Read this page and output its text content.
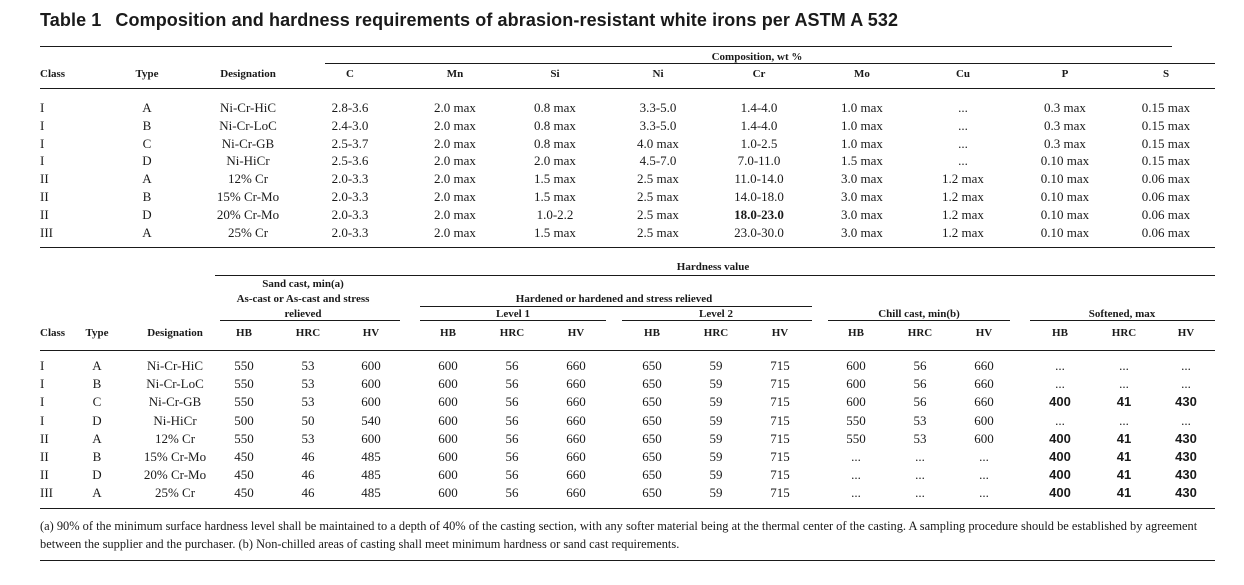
Table 1 Composition and hardness requirements of abrasion-resistant white irons per ASTM A 532
Composition, wt %
Class	Type	Designation	C	Mn	Si	Ni	Cr	Mo	Cu	P	S
I	A	Ni-Cr-HiC	2.8-3.6	2.0 max	0.8 max	3.3-5.0	1.4-4.0	1.0 max	...	0.3 max	0.15 max
I	B	Ni-Cr-LoC	2.4-3.0	2.0 max	0.8 max	3.3-5.0	1.4-4.0	1.0 max	...	0.3 max	0.15 max
I	C	Ni-Cr-GB	2.5-3.7	2.0 max	0.8 max	4.0 max	1.0-2.5	1.0 max	...	0.3 max	0.15 max
I	D	Ni-HiCr	2.5-3.6	2.0 max	2.0 max	4.5-7.0	7.0-11.0	1.5 max	...	0.10 max	0.15 max
II	A	12% Cr	2.0-3.3	2.0 max	1.5 max	2.5 max	11.0-14.0	3.0 max	1.2 max	0.10 max	0.06 max
II	B	15% Cr-Mo	2.0-3.3	2.0 max	1.5 max	2.5 max	14.0-18.0	3.0 max	1.2 max	0.10 max	0.06 max
II	D	20% Cr-Mo	2.0-3.3	2.0 max	1.0-2.2	2.5 max	18.0-23.0	3.0 max	1.2 max	0.10 max	0.06 max
III	A	25% Cr	2.0-3.3	2.0 max	1.5 max	2.5 max	23.0-30.0	3.0 max	1.2 max	0.10 max	0.06 max
Hardness value
Sand cast, min(a)
As-cast or As-cast and stress
relieved
Hardened or hardened and stress relieved
Level 1	Level 2	Chill cast, min(b)	Softened, max
Class Type	Designation	HB	HRC	HV	HB	HRC	HV	HB	HRC	HV	HB	HRC	HV	HB	HRC	HV
I	A	Ni-Cr-HiC 550	53	600	600	56	660	650	59	715	600	56	660	...	...	...
I	B	Ni-Cr-LoC 550	53	600	600	56	660	650	59	715	600	56	660	...	...	...
I	C	Ni-Cr-GB	550	53	600	600	56	660	650	59	715	600	56	660	400	41	430
I	D	Ni-HiCr	500	50	540	600	56	660	650	59	715	550	53	600	...	...	...
II	A	12% Cr	550	53	600	600	56	660	650	59	715	550	53	600	400	41	430
II	B	15% Cr-Mo 450	46	485	600	56	660	650	59	715	...	...	...	400	41	430
II	D	20% Cr-Mo 450	46	485	600	56	660	650	59	715	...	...	...	400	41	430
III	A	25% Cr	450	46	485	600	56	660	650	59	715	...	...	...	400	41	430
(a) 90% of the minimum surface hardness level shall be maintained to a depth of 40% of the casting section, with any softer material being at the thermal center of the casting. A sampling procedure should be established by agreement between the supplier and the purchaser. (b) Non-chilled areas of casting shall meet minimum hardness or sand cast requirements.
